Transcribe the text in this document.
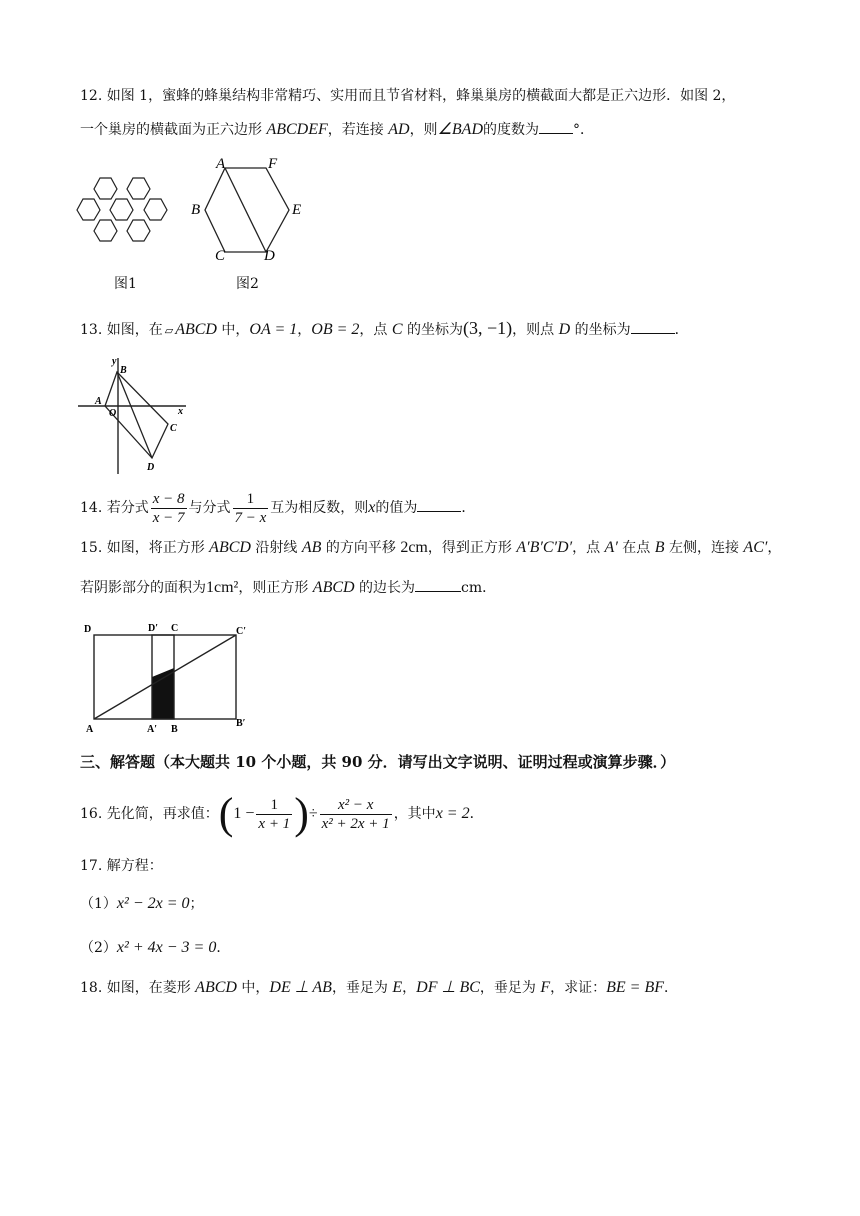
12. 如图 1，蜜蜂的蜂巢结构非常精巧、实用而且节省材料，蜂巢巢房的横截面大都是正六边形．如图 2，
一个巢房的横截面为正六边形 ABCDEF，若连接 AD，则∠BAD的度数为 °．
图1
A	F
B	E
C	D
图2
13. 如图，在 ▱ ABCD 中，OA = 1，OB = 2，点 C 的坐标为(3, −1)，则点 D 的坐标为	．
y
x
A
O
B
C
D
14. 若分式 $\frac{x - 8}{x - 7}$ 与分式 $\frac{1}{7 - x}$ 互为相反数，则x的值为	．
15. 如图，将正方形 ABCD 沿射线 AB 的方向平移 2cm，得到正方形 A′B′C′D′，点 A′ 在点 B 左侧，连接 AC′，
若阴影部分的面积为1cm²，则正方形 ABCD 的边长为	cm．
D	D′ C	C′
A	A′ B
B′
三、解答题（本大题共 10 个小题，共 90 分．请写出文字说明、证明过程或演算步骤．）
16. 先化简，再求值：($1 - \frac{1}{x + 1}$ )÷ $\frac{\text{x² − x}}{\text{x² + 2x + 1}}$ ，其中x = 2．
17. 解方程：
（1）x² − 2x = 0；
（2）x² + 4x − 3 = 0．
18. 如图，在菱形 ABCD 中，DE ⊥ AB，垂足为 E，DF ⊥ BC，垂足为 F，求证：BE = BF．
